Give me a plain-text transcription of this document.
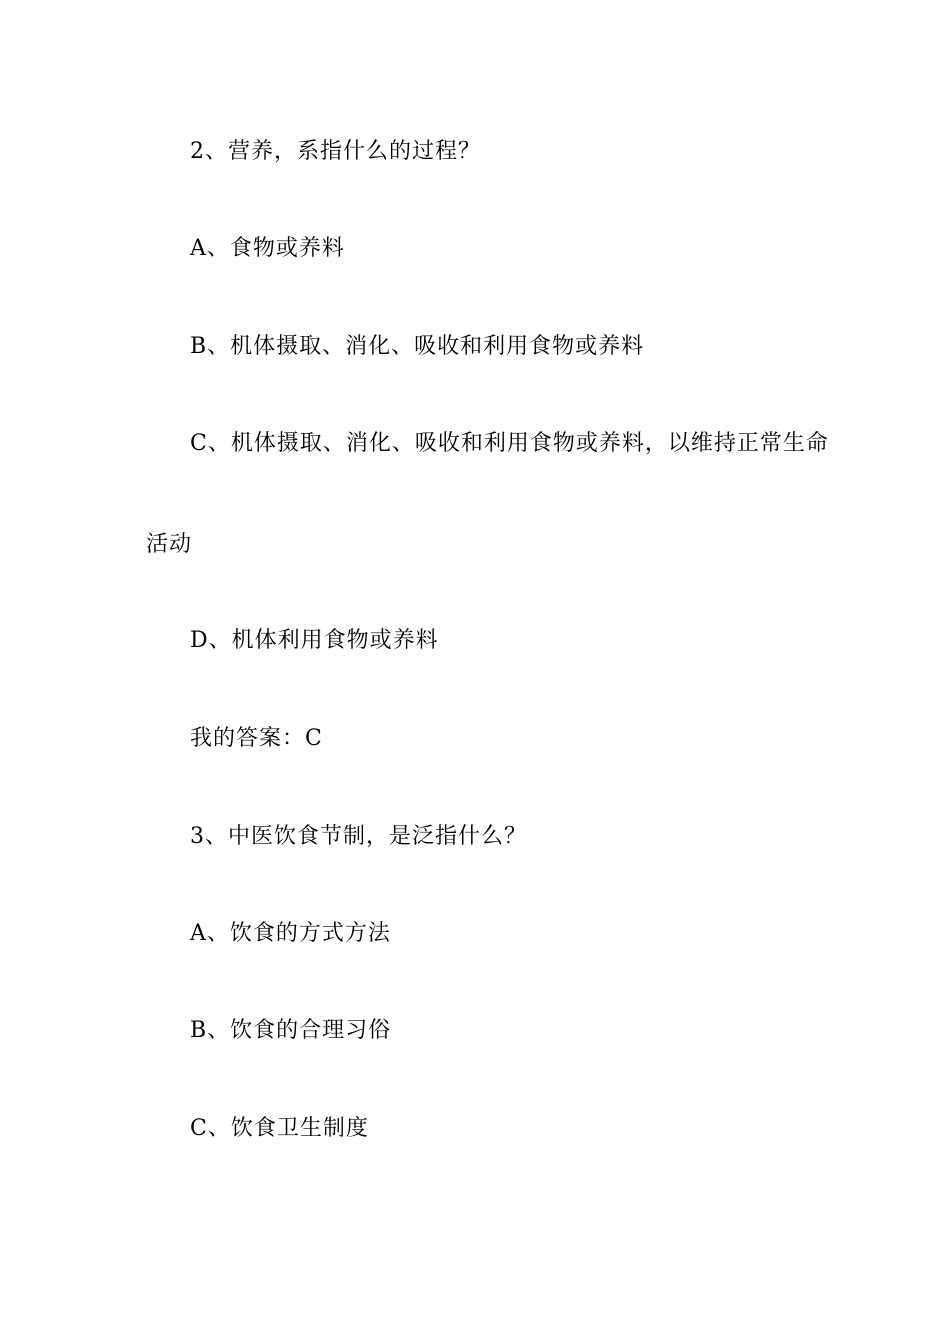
2、营养，系指什么的过程？
A、食物或养料
B、机体摄取、消化、吸收和利用食物或养料
C、机体摄取、消化、吸收和利用食物或养料，以维持正常生命
活动
D、机体利用食物或养料
我的答案：C
3、中医饮食节制，是泛指什么？
A、饮食的方式方法
B、饮食的合理习俗
C、饮食卫生制度
